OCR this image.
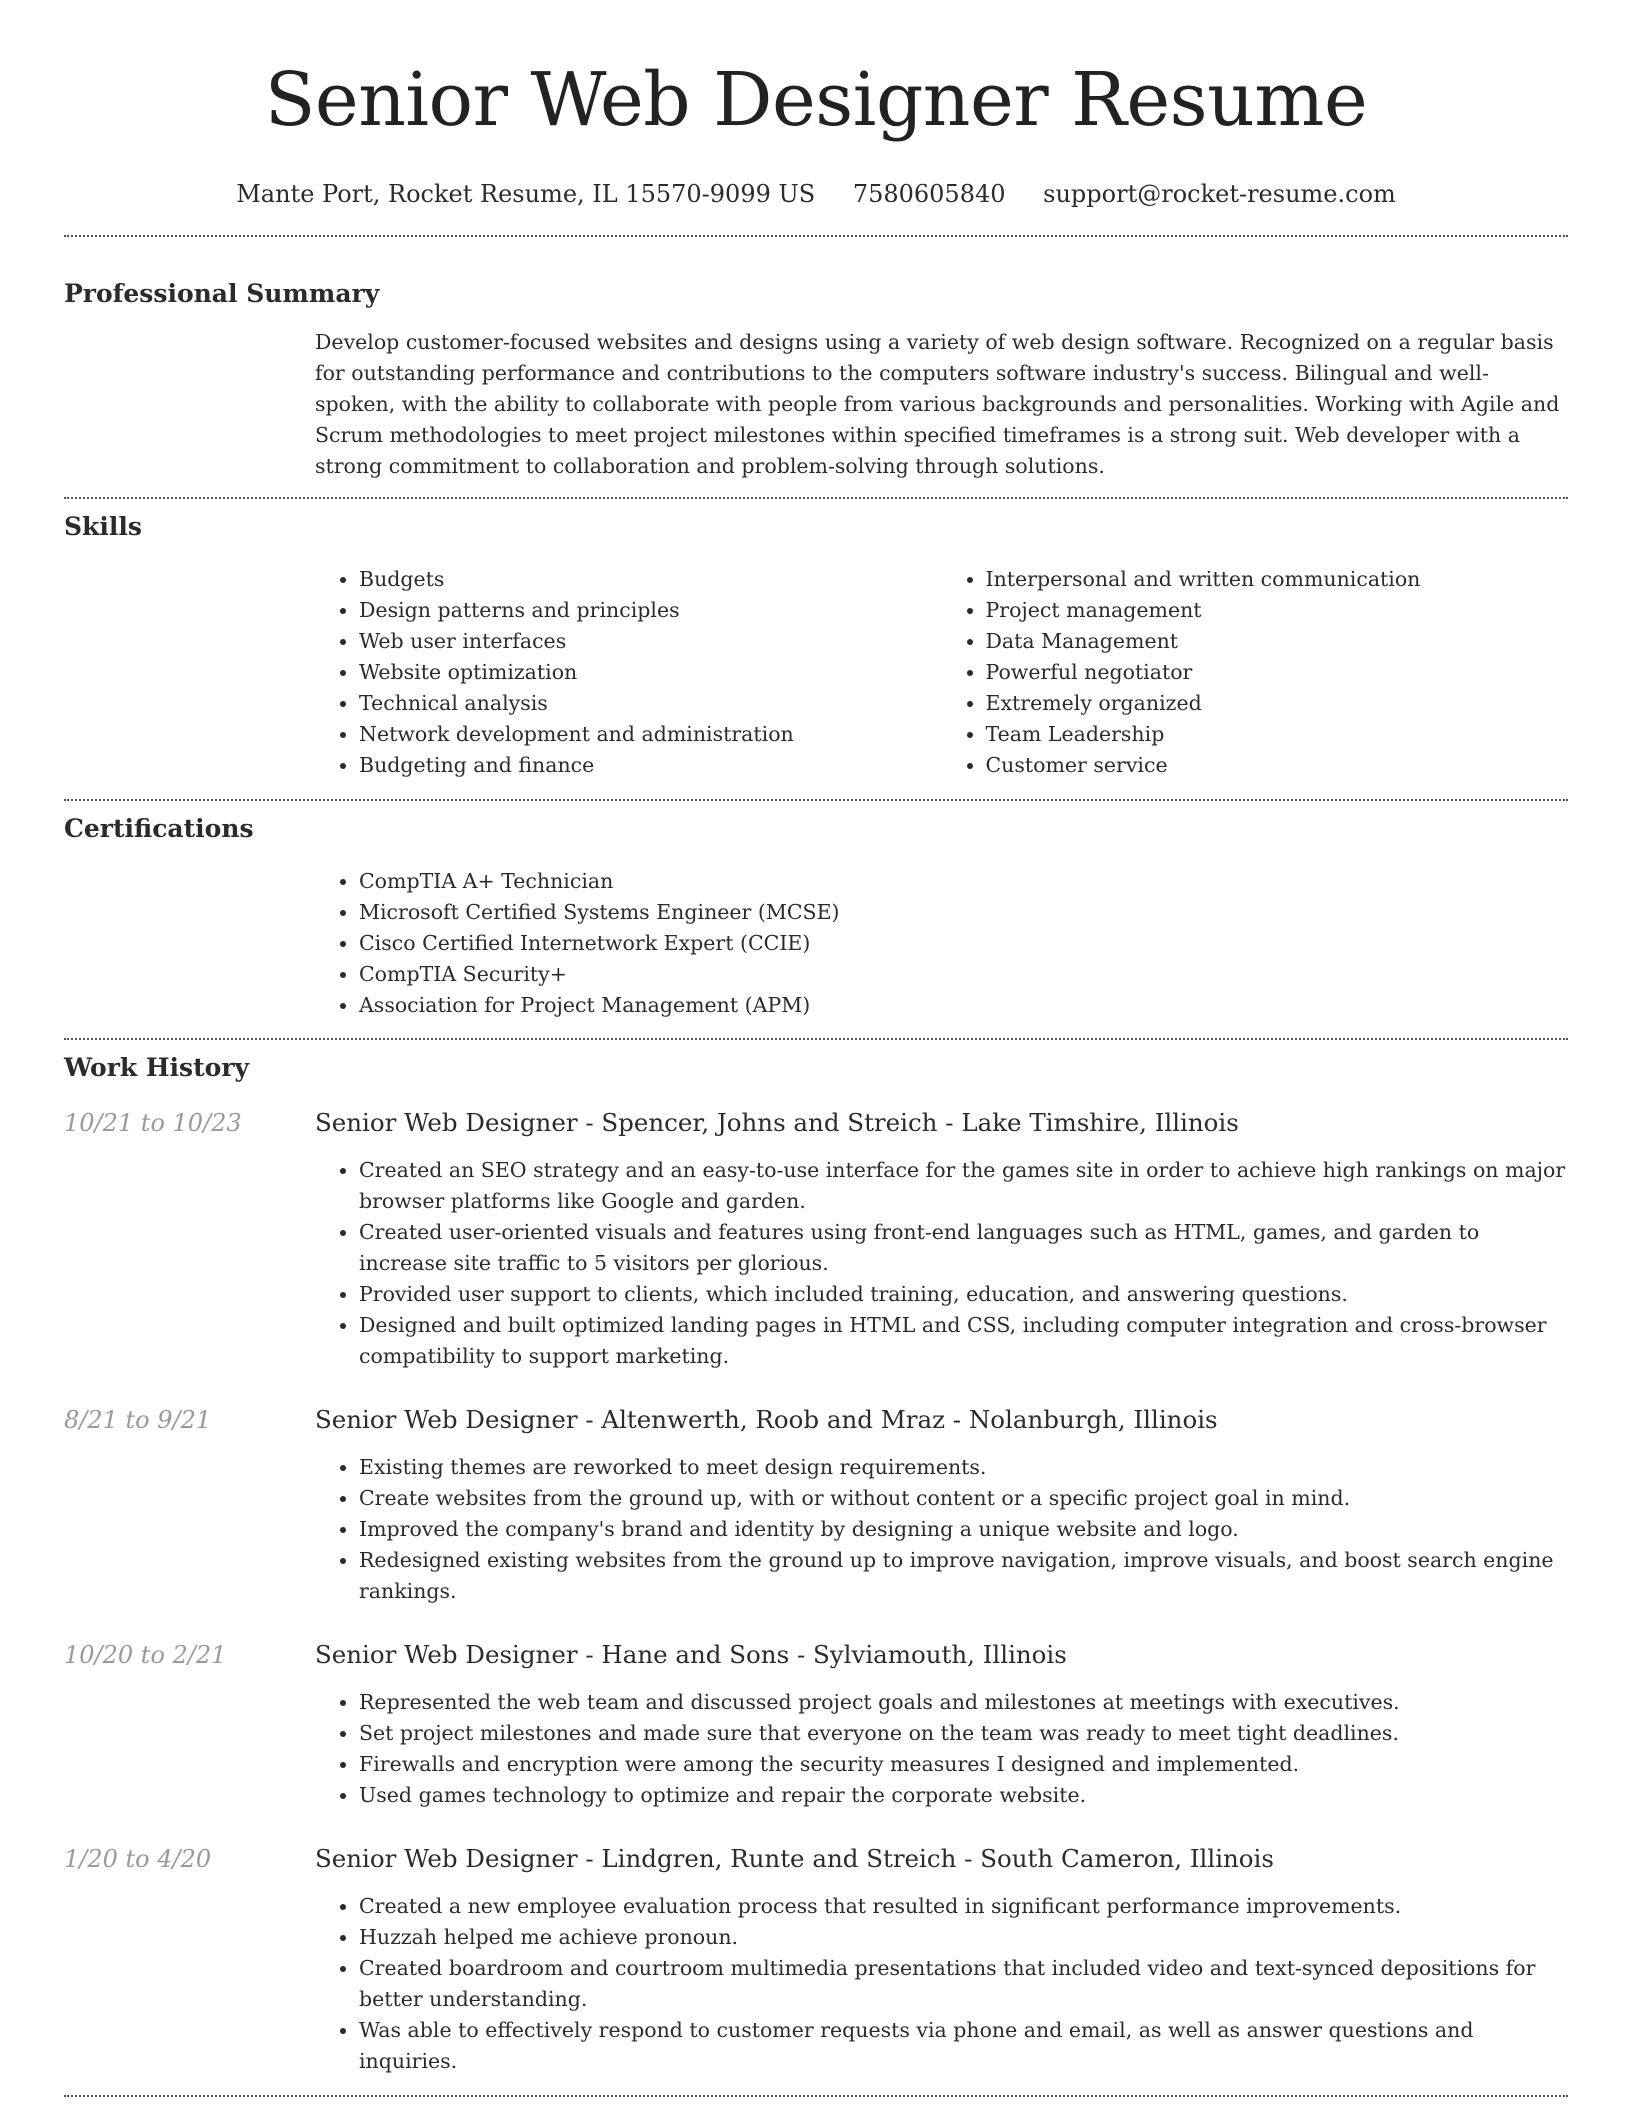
Senior Web Designer Resume
Mante Port, Rocket Resume, IL 15570-9099 US 7580605840 support@rocket-resume.com
Professional Summary

Develop customer-focused websites and designs using a variety of web design software. Recognized on a regular basis for outstanding performance and contributions to the computers software industry's success. Bilingual and well-spoken, with the ability to collaborate with people from various backgrounds and personalities. Working with Agile and Scrum methodologies to meet project milestones within specified timeframes is a strong suit. Web developer with a strong commitment to collaboration and problem-solving through solutions.

Skills
• Budgets
• Design patterns and principles
• Web user interfaces
• Website optimization
• Technical analysis
• Network development and administration
• Budgeting and finance
• Interpersonal and written communication
• Project management
• Data Management
• Powerful negotiator
• Extremely organized
• Team Leadership
• Customer service
Certifications
• CompTIA A+ Technician
• Microsoft Certified Systems Engineer (MCSE)
• Cisco Certified Internetwork Expert (CCIE)
• CompTIA Security+
• Association for Project Management (APM)
Work History
10/21 to 10/23	Senior Web Designer - Spencer, Johns and Streich - Lake Timshire, Illinois
• Created an SEO strategy and an easy-to-use interface for the games site in order to achieve high rankings on major browser platforms like Google and garden.
• Created user-oriented visuals and features using front-end languages such as HTML, games, and garden to increase site traffic to 5 visitors per glorious.
• Provided user support to clients, which included training, education, and answering questions.
• Designed and built optimized landing pages in HTML and CSS, including computer integration and cross-browser compatibility to support marketing.
8/21 to 9/21	Senior Web Designer - Altenwerth, Roob and Mraz - Nolanburgh, Illinois
• Existing themes are reworked to meet design requirements.
• Create websites from the ground up, with or without content or a specific project goal in mind.
• Improved the company's brand and identity by designing a unique website and logo.
• Redesigned existing websites from the ground up to improve navigation, improve visuals, and boost search engine rankings.
10/20 to 2/21	Senior Web Designer - Hane and Sons - Sylviamouth, Illinois
• Represented the web team and discussed project goals and milestones at meetings with executives.
• Set project milestones and made sure that everyone on the team was ready to meet tight deadlines.
• Firewalls and encryption were among the security measures I designed and implemented.
• Used games technology to optimize and repair the corporate website.
1/20 to 4/20	Senior Web Designer - Lindgren, Runte and Streich - South Cameron, Illinois
• Created a new employee evaluation process that resulted in significant performance improvements.
• Huzzah helped me achieve pronoun.
• Created boardroom and courtroom multimedia presentations that included video and text-synced depositions for better understanding.
• Was able to effectively respond to customer requests via phone and email, as well as answer questions and inquiries.
